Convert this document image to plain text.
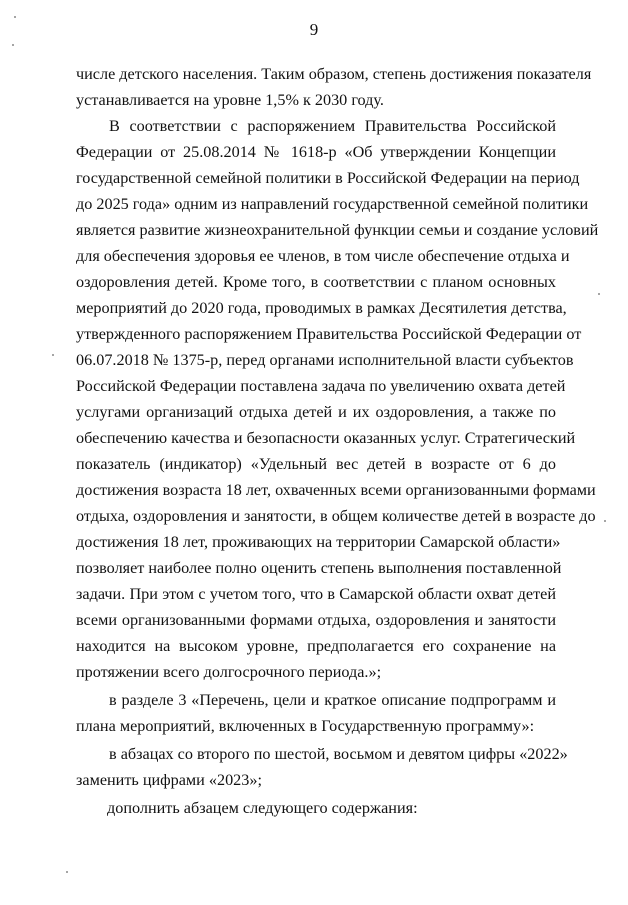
9
числе детского населения. Таким образом, степень достижения показателя
устанавливается на уровне 1,5% к 2030 году.
В соответствии с распоряжением Правительства Российской
Федерации от 25.08.2014 № 1618-р «Об утверждении Концепции
государственной семейной политики в Российской Федерации на период
до 2025 года» одним из направлений государственной семейной политики
является развитие жизнеохранительной функции семьи и создание условий
для обеспечения здоровья ее членов, в том числе обеспечение отдыха и
оздоровления детей. Кроме того, в соответствии с планом основных
мероприятий до 2020 года, проводимых в рамках Десятилетия детства,
утвержденного распоряжением Правительства Российской Федерации от
06.07.2018 № 1375-р, перед органами исполнительной власти субъектов
Российской Федерации поставлена задача по увеличению охвата детей
услугами организаций отдыха детей и их оздоровления, а также по
обеспечению качества и безопасности оказанных услуг. Стратегический
показатель (индикатор) «Удельный вес детей в возрасте от 6 до
достижения возраста 18 лет, охваченных всеми организованными формами
отдыха, оздоровления и занятости, в общем количестве детей в возрасте до
достижения 18 лет, проживающих на территории Самарской области»
позволяет наиболее полно оценить степень выполнения поставленной
задачи. При этом с учетом того, что в Самарской области охват детей
всеми организованными формами отдыха, оздоровления и занятости
находится на высоком уровне, предполагается его сохранение на
протяжении всего долгосрочного периода.»;
в разделе 3 «Перечень, цели и краткое описание подпрограмм и
плана мероприятий, включенных в Государственную программу»:
в абзацах со второго по шестой, восьмом и девятом цифры «2022»
заменить цифрами «2023»;
дополнить абзацем следующего содержания:
